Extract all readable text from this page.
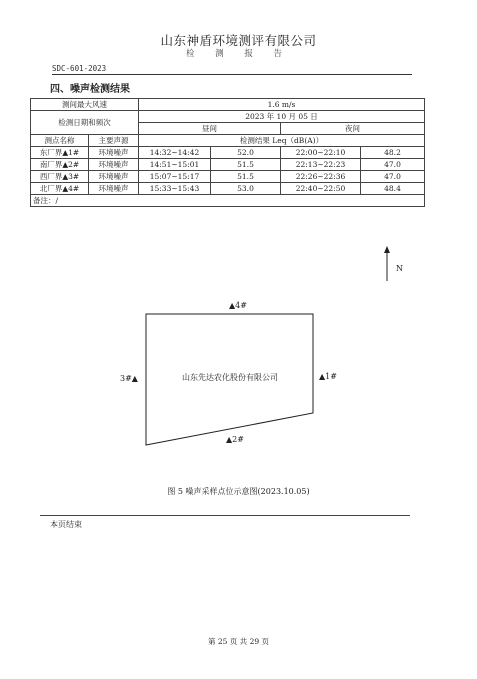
山东神盾环境测评有限公司
检 测 报 告
SDC-601-2023
四、噪声检测结果
测间最大风速		1.6 m/s			
检测日期和频次		2023 年 10 月 05 日			
		昼间		夜间	
测点名称	主要声源	检测结果 Leq（dB(A)）			
东厂界▲1#	环境噪声	14:32~14:42	52.0	22:00~22:10	48.2
南厂界▲2#	环境噪声	14:51~15:01	51.5	22:13~22:23	47.0
西厂界▲3#	环境噪声	15:07~15:17	51.5	22:26~22:36	47.0
北厂界▲4#	环境噪声	15:33~15:43	53.0	22:40~22:50	48.4
备注：/					
N
山东先达农化股份有限公司
▲4#
▲1#
▲2#
3#▲
图 5 噪声采样点位示意图(2023.10.05)
本页结束
第 25 页 共 29 页
